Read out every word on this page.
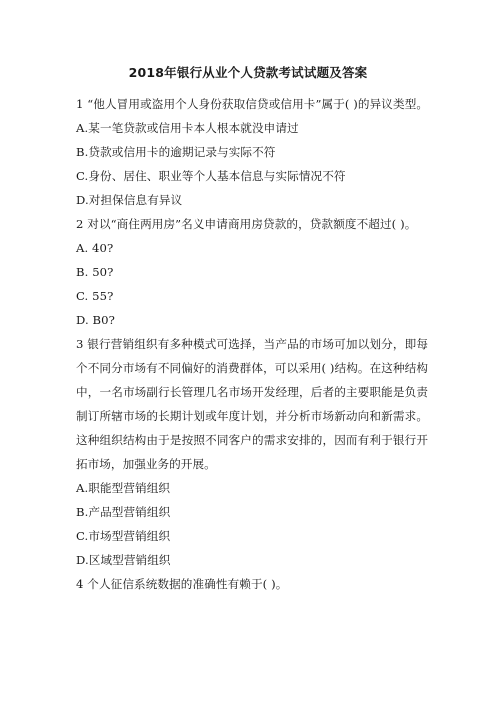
2018年银行从业个人贷款考试试题及答案
1 “他人冒用或盗用个人身份获取信贷或信用卡”属于( )的异议类型。
A.某一笔贷款或信用卡本人根本就没申请过
B.贷款或信用卡的逾期记录与实际不符
C.身份、居住、职业等个人基本信息与实际情况不符
D.对担保信息有异议
2 对以“商住两用房”名义申请商用房贷款的，贷款额度不超过( )。
A. 40?
B. 50?
C. 55?
D. B0?
3 银行营销组织有多种模式可选择，当产品的市场可加以划分，即每个不同分市场有不同偏好的消费群体，可以采用( )结构。在这种结构中，一名市场副行长管理几名市场开发经理，后者的主要职能是负责制订所辖市场的长期计划或年度计划，并分析市场新动向和新需求。这种组织结构由于是按照不同客户的需求安排的，因而有利于银行开拓市场，加强业务的开展。
A.职能型营销组织
B.产品型营销组织
C.市场型营销组织
D.区域型营销组织
4 个人征信系统数据的准确性有赖于( )。
